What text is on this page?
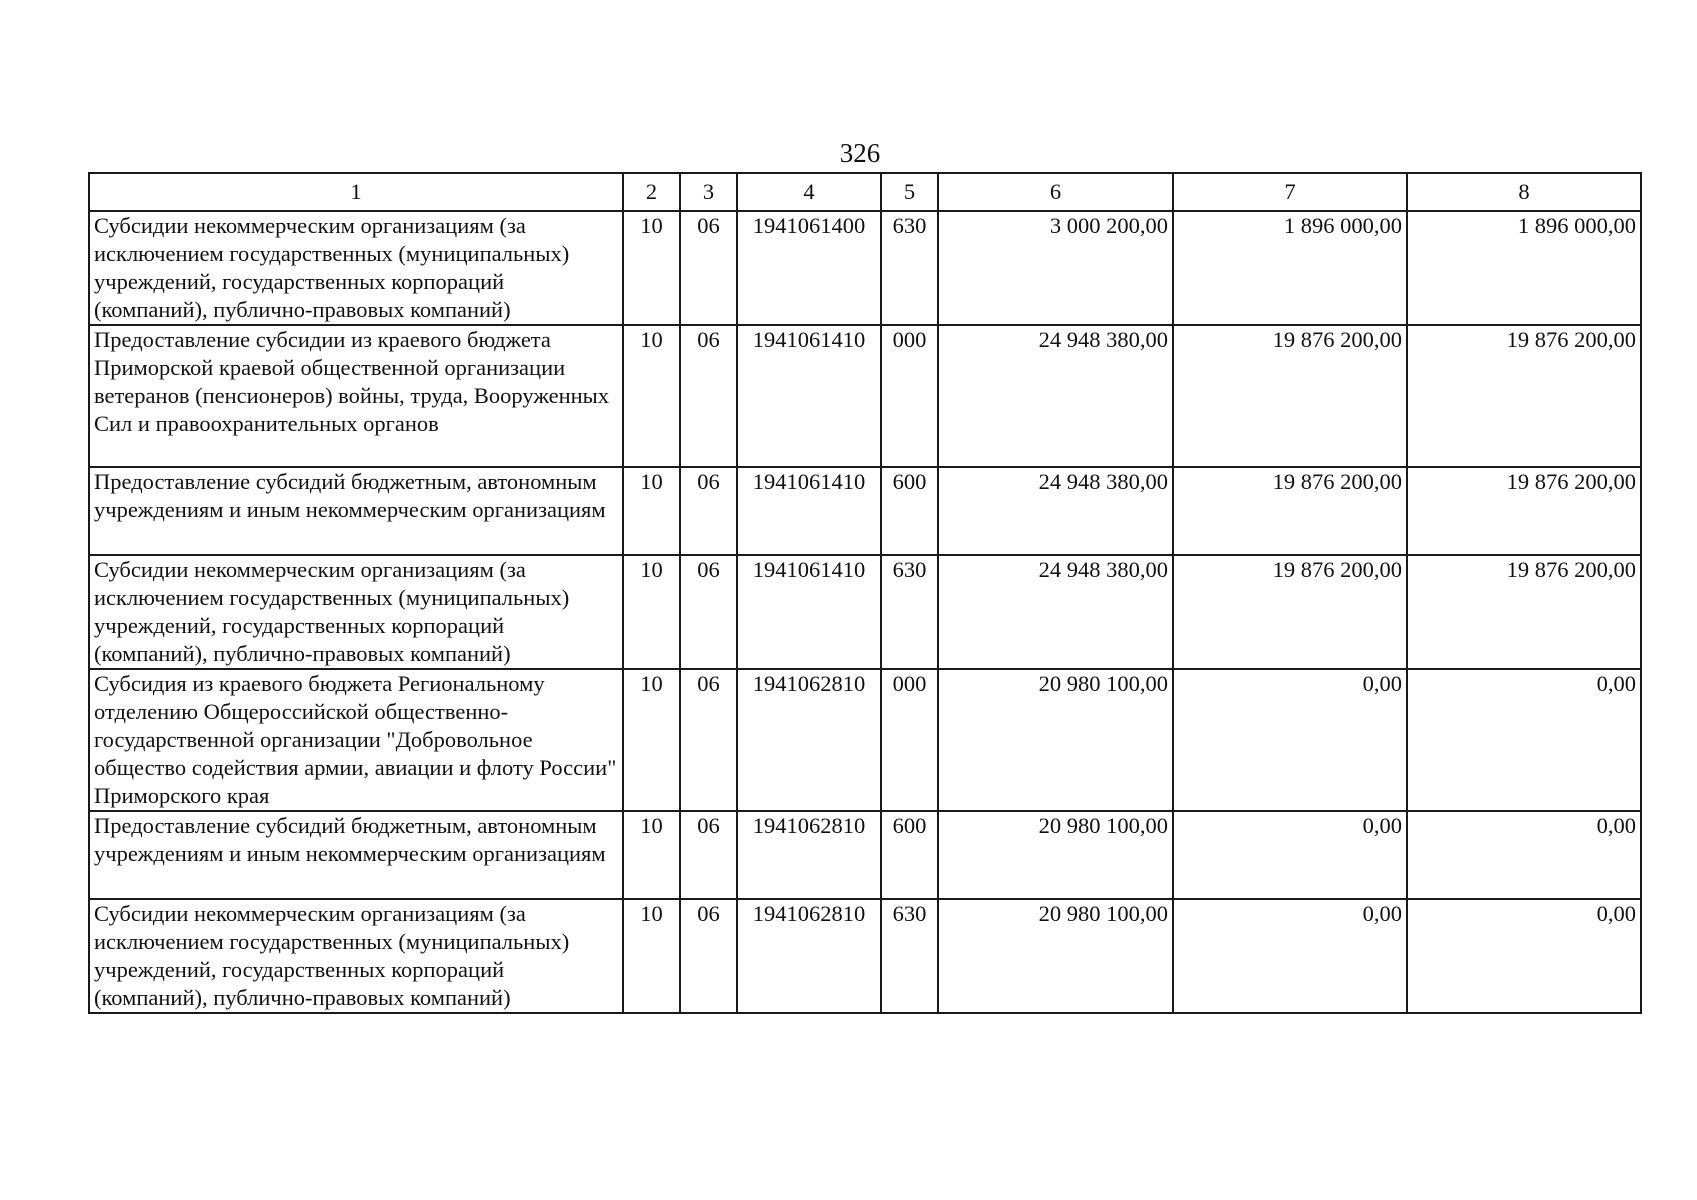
326
1	2	3	4	5	6	7	8
Субсидии некоммерческим организациям (за исключением государственных (муниципальных) учреждений, государственных корпораций (компаний), публично-правовых компаний)	10	06	1941061400	630	3 000 200,00	1 896 000,00	1 896 000,00
Предоставление субсидии из краевого бюджета Приморской краевой общественной организации ветеранов (пенсионеров) войны, труда, Вооруженных Сил и правоохранительных органов	10	06	1941061410	000	24 948 380,00	19 876 200,00	19 876 200,00
Предоставление субсидий бюджетным, автономным учреждениям и иным некоммерческим организациям	10	06	1941061410	600	24 948 380,00	19 876 200,00	19 876 200,00
Субсидии некоммерческим организациям (за исключением государственных (муниципальных) учреждений, государственных корпораций (компаний), публично-правовых компаний)	10	06	1941061410	630	24 948 380,00	19 876 200,00	19 876 200,00
Субсидия из краевого бюджета Региональному отделению Общероссийской общественно-государственной организации "Добровольное общество содействия армии, авиации и флоту России" Приморского края	10	06	1941062810	000	20 980 100,00	0,00	0,00
Предоставление субсидий бюджетным, автономным учреждениям и иным некоммерческим организациям	10	06	1941062810	600	20 980 100,00	0,00	0,00
Субсидии некоммерческим организациям (за исключением государственных (муниципальных) учреждений, государственных корпораций (компаний), публично-правовых компаний)	10	06	1941062810	630	20 980 100,00	0,00	0,00
